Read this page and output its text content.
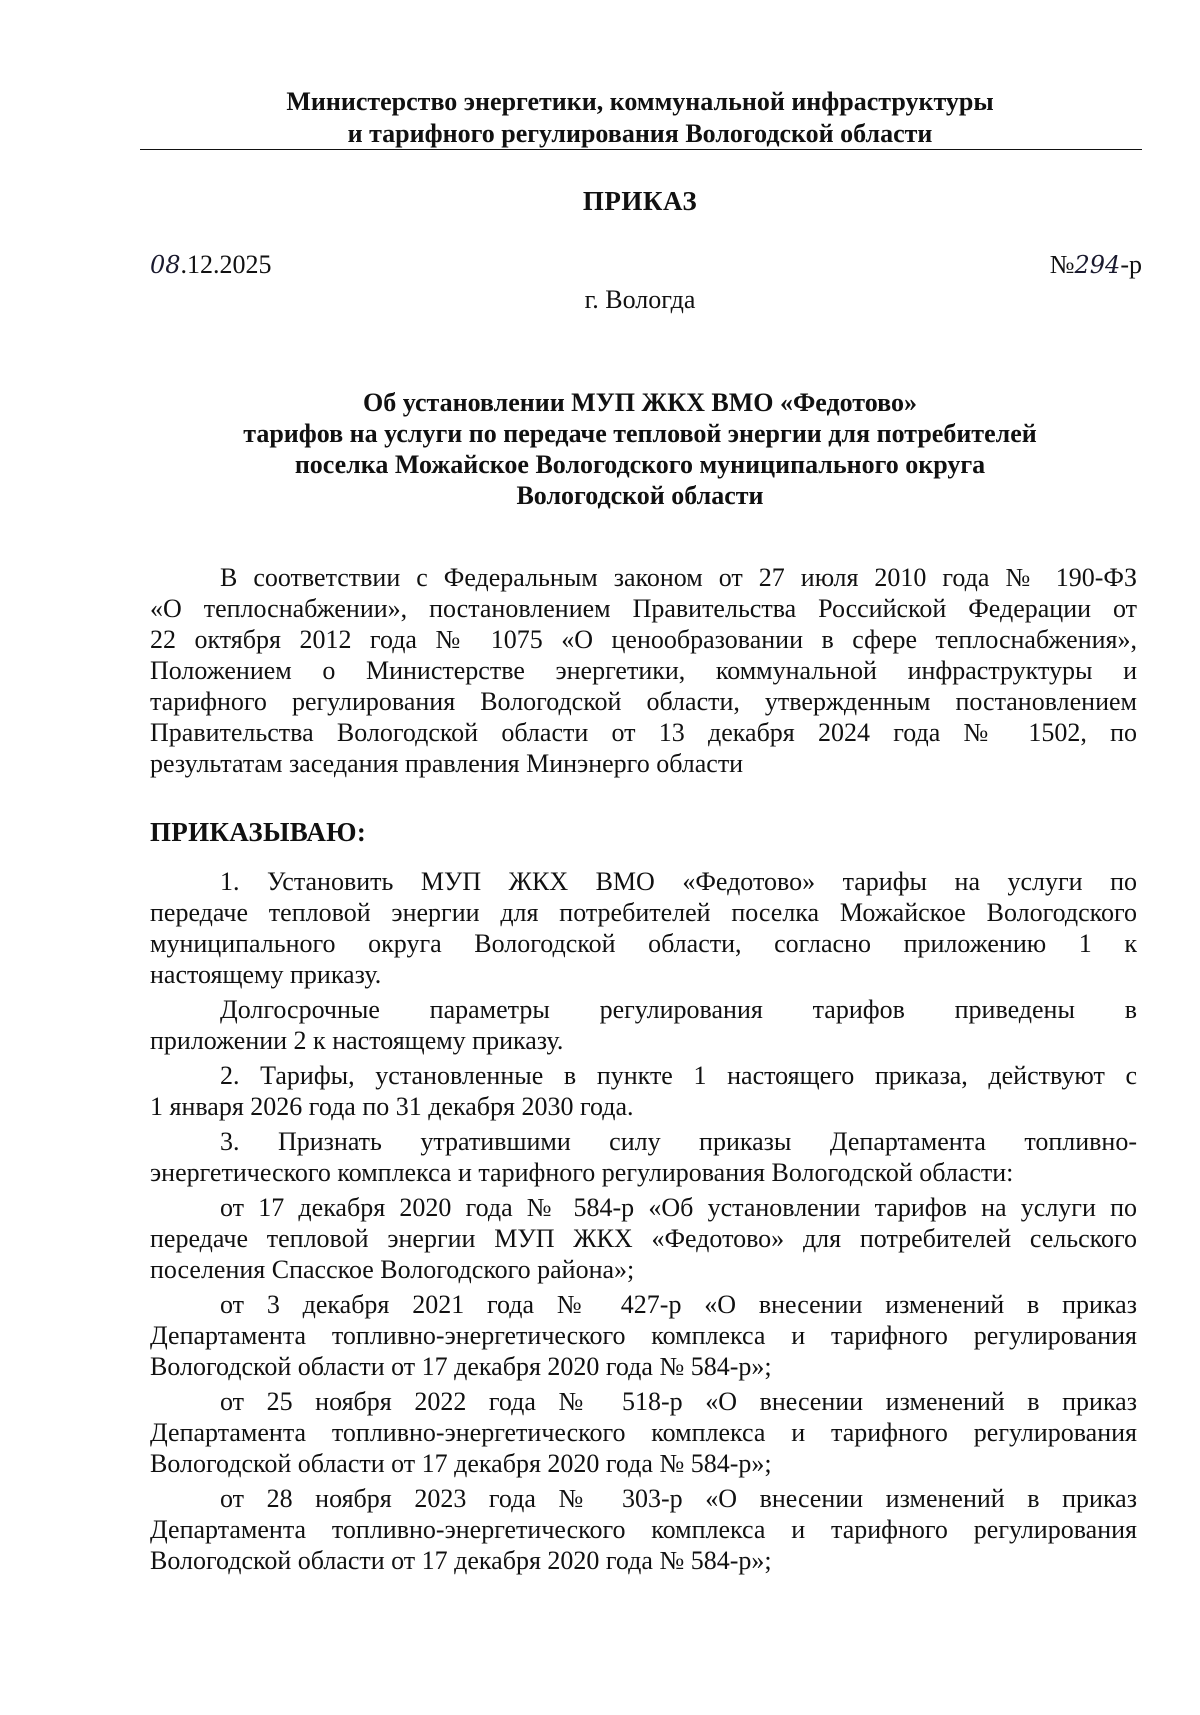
Министерство энергетики, коммунальной инфраструктуры
и тарифного регулирования Вологодской области
ПРИКАЗ
08.12.2025	№294-р
г. Вологда
Об установлении МУП ЖКХ ВМО «Федотово»
тарифов на услуги по передаче тепловой энергии для потребителей
поселка Можайское Вологодского муниципального округа
Вологодской области
В соответствии с Федеральным законом от 27 июля 2010 года № 190-ФЗ
«О теплоснабжении», постановлением Правительства Российской Федерации от
22 октября 2012 года № 1075 «О ценообразовании в сфере теплоснабжения»,
Положением о Министерстве энергетики, коммунальной инфраструктуры и
тарифного регулирования Вологодской области, утвержденным постановлением
Правительства Вологодской области от 13 декабря 2024 года № 1502, по
результатам заседания правления Минэнерго области
ПРИКАЗЫВАЮ:
1. Установить МУП ЖКХ ВМО «Федотово» тарифы на услуги по
передаче тепловой энергии для потребителей поселка Можайское Вологодского
муниципального округа Вологодской области, согласно приложению 1 к
настоящему приказу.
Долгосрочные параметры регулирования тарифов приведены в
приложении 2 к настоящему приказу.
2. Тарифы, установленные в пункте 1 настоящего приказа, действуют с
1 января 2026 года по 31 декабря 2030 года.
3. Признать утратившими силу приказы Департамента топливно-
энергетического комплекса и тарифного регулирования Вологодской области:
от 17 декабря 2020 года № 584-р «Об установлении тарифов на услуги по
передаче тепловой энергии МУП ЖКХ «Федотово» для потребителей сельского
поселения Спасское Вологодского района»;
от 3 декабря 2021 года № 427-р «О внесении изменений в приказ
Департамента топливно-энергетического комплекса и тарифного регулирования
Вологодской области от 17 декабря 2020 года № 584-р»;
от 25 ноября 2022 года № 518-р «О внесении изменений в приказ
Департамента топливно-энергетического комплекса и тарифного регулирования
Вологодской области от 17 декабря 2020 года № 584-р»;
от 28 ноября 2023 года № 303-р «О внесении изменений в приказ
Департамента топливно-энергетического комплекса и тарифного регулирования
Вологодской области от 17 декабря 2020 года № 584-р»;
